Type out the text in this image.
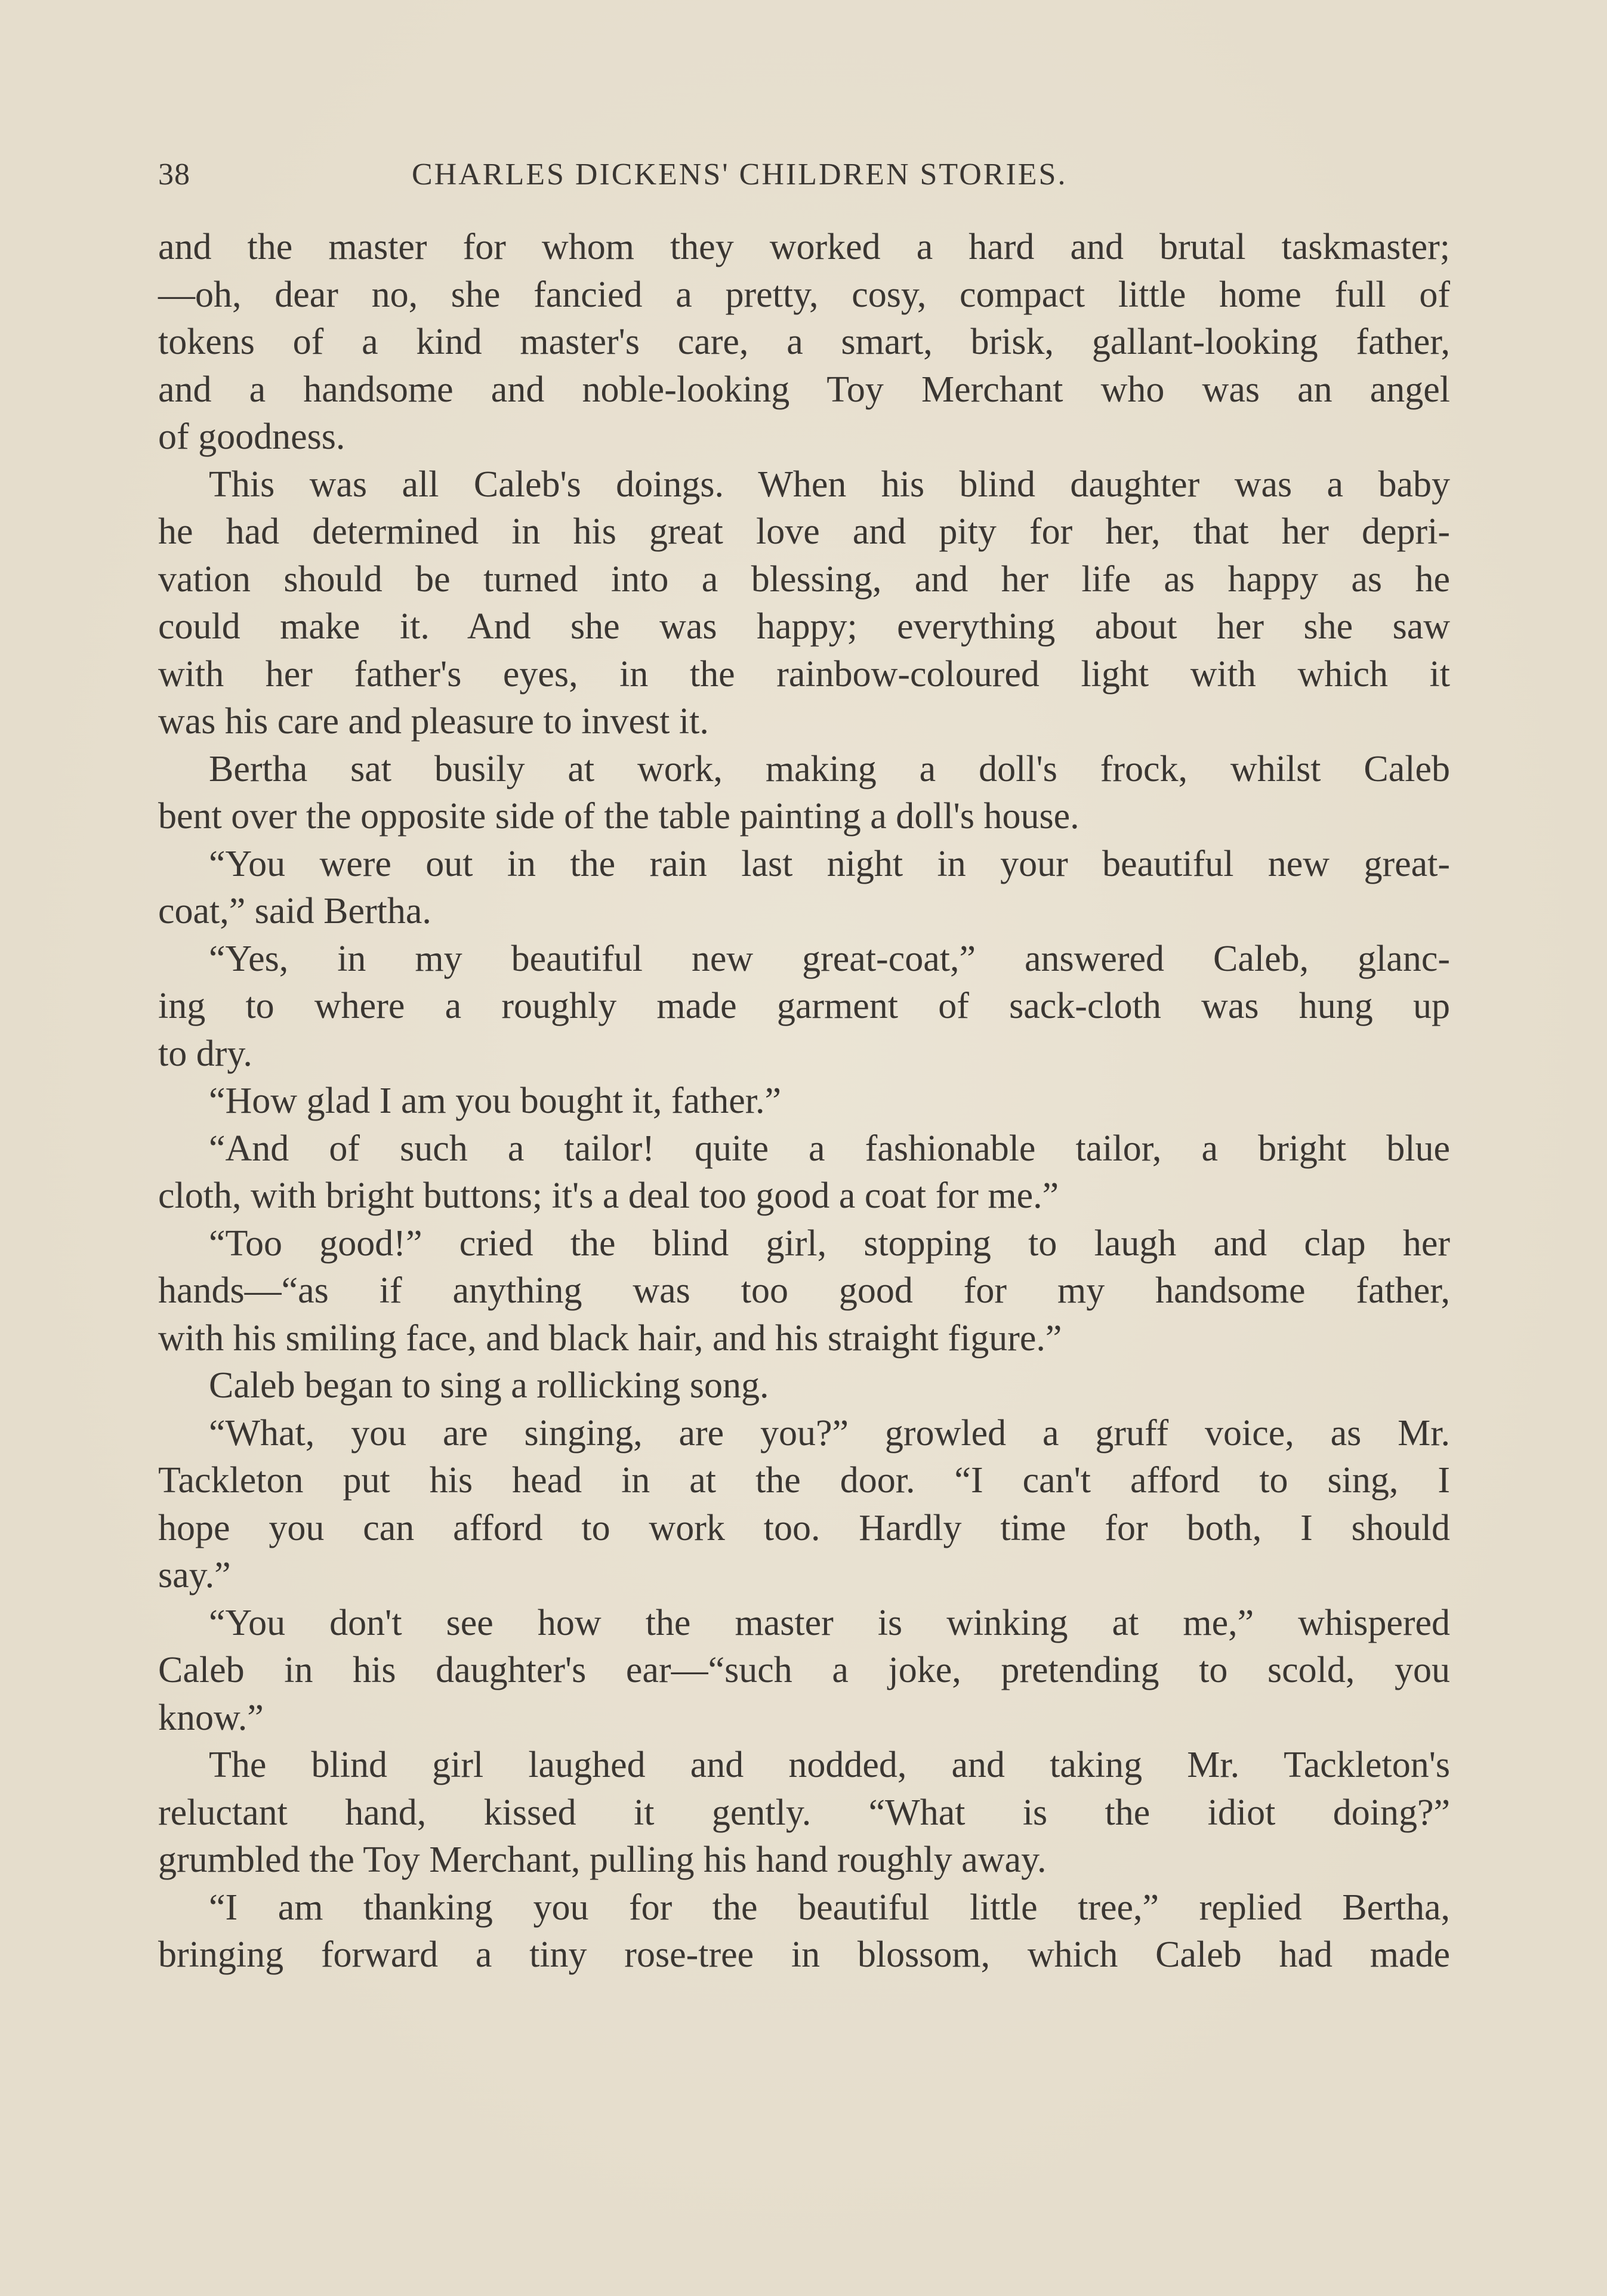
38	CHARLES DICKENS' CHILDREN STORIES.
and the master for whom they worked a hard and brutal taskmaster;
—oh, dear no, she fancied a pretty, cosy, compact little home full of
tokens of a kind master's care, a smart, brisk, gallant-looking father,
and a handsome and noble-looking Toy Merchant who was an angel
of goodness.
This was all Caleb's doings. When his blind daughter was a baby
he had determined in his great love and pity for her, that her depri-
vation should be turned into a blessing, and her life as happy as he
could make it. And she was happy; everything about her she saw
with her father's eyes, in the rainbow-coloured light with which it
was his care and pleasure to invest it.
Bertha sat busily at work, making a doll's frock, whilst Caleb
bent over the opposite side of the table painting a doll's house.
“You were out in the rain last night in your beautiful new great-
coat,” said Bertha.
“Yes, in my beautiful new great-coat,” answered Caleb, glanc-
ing to where a roughly made garment of sack-cloth was hung up
to dry.
“How glad I am you bought it, father.”
“And of such a tailor! quite a fashionable tailor, a bright blue
cloth, with bright buttons; it's a deal too good a coat for me.”
“Too good!” cried the blind girl, stopping to laugh and clap her
hands—“as if anything was too good for my handsome father,
with his smiling face, and black hair, and his straight figure.”
Caleb began to sing a rollicking song.
“What, you are singing, are you?” growled a gruff voice, as Mr.
Tackleton put his head in at the door. “I can't afford to sing, I
hope you can afford to work too. Hardly time for both, I should
say.”
“You don't see how the master is winking at me,” whispered
Caleb in his daughter's ear—“such a joke, pretending to scold, you
know.”
The blind girl laughed and nodded, and taking Mr. Tackleton's
reluctant hand, kissed it gently. “What is the idiot doing?”
grumbled the Toy Merchant, pulling his hand roughly away.
“I am thanking you for the beautiful little tree,” replied Bertha,
bringing forward a tiny rose-tree in blossom, which Caleb had made
